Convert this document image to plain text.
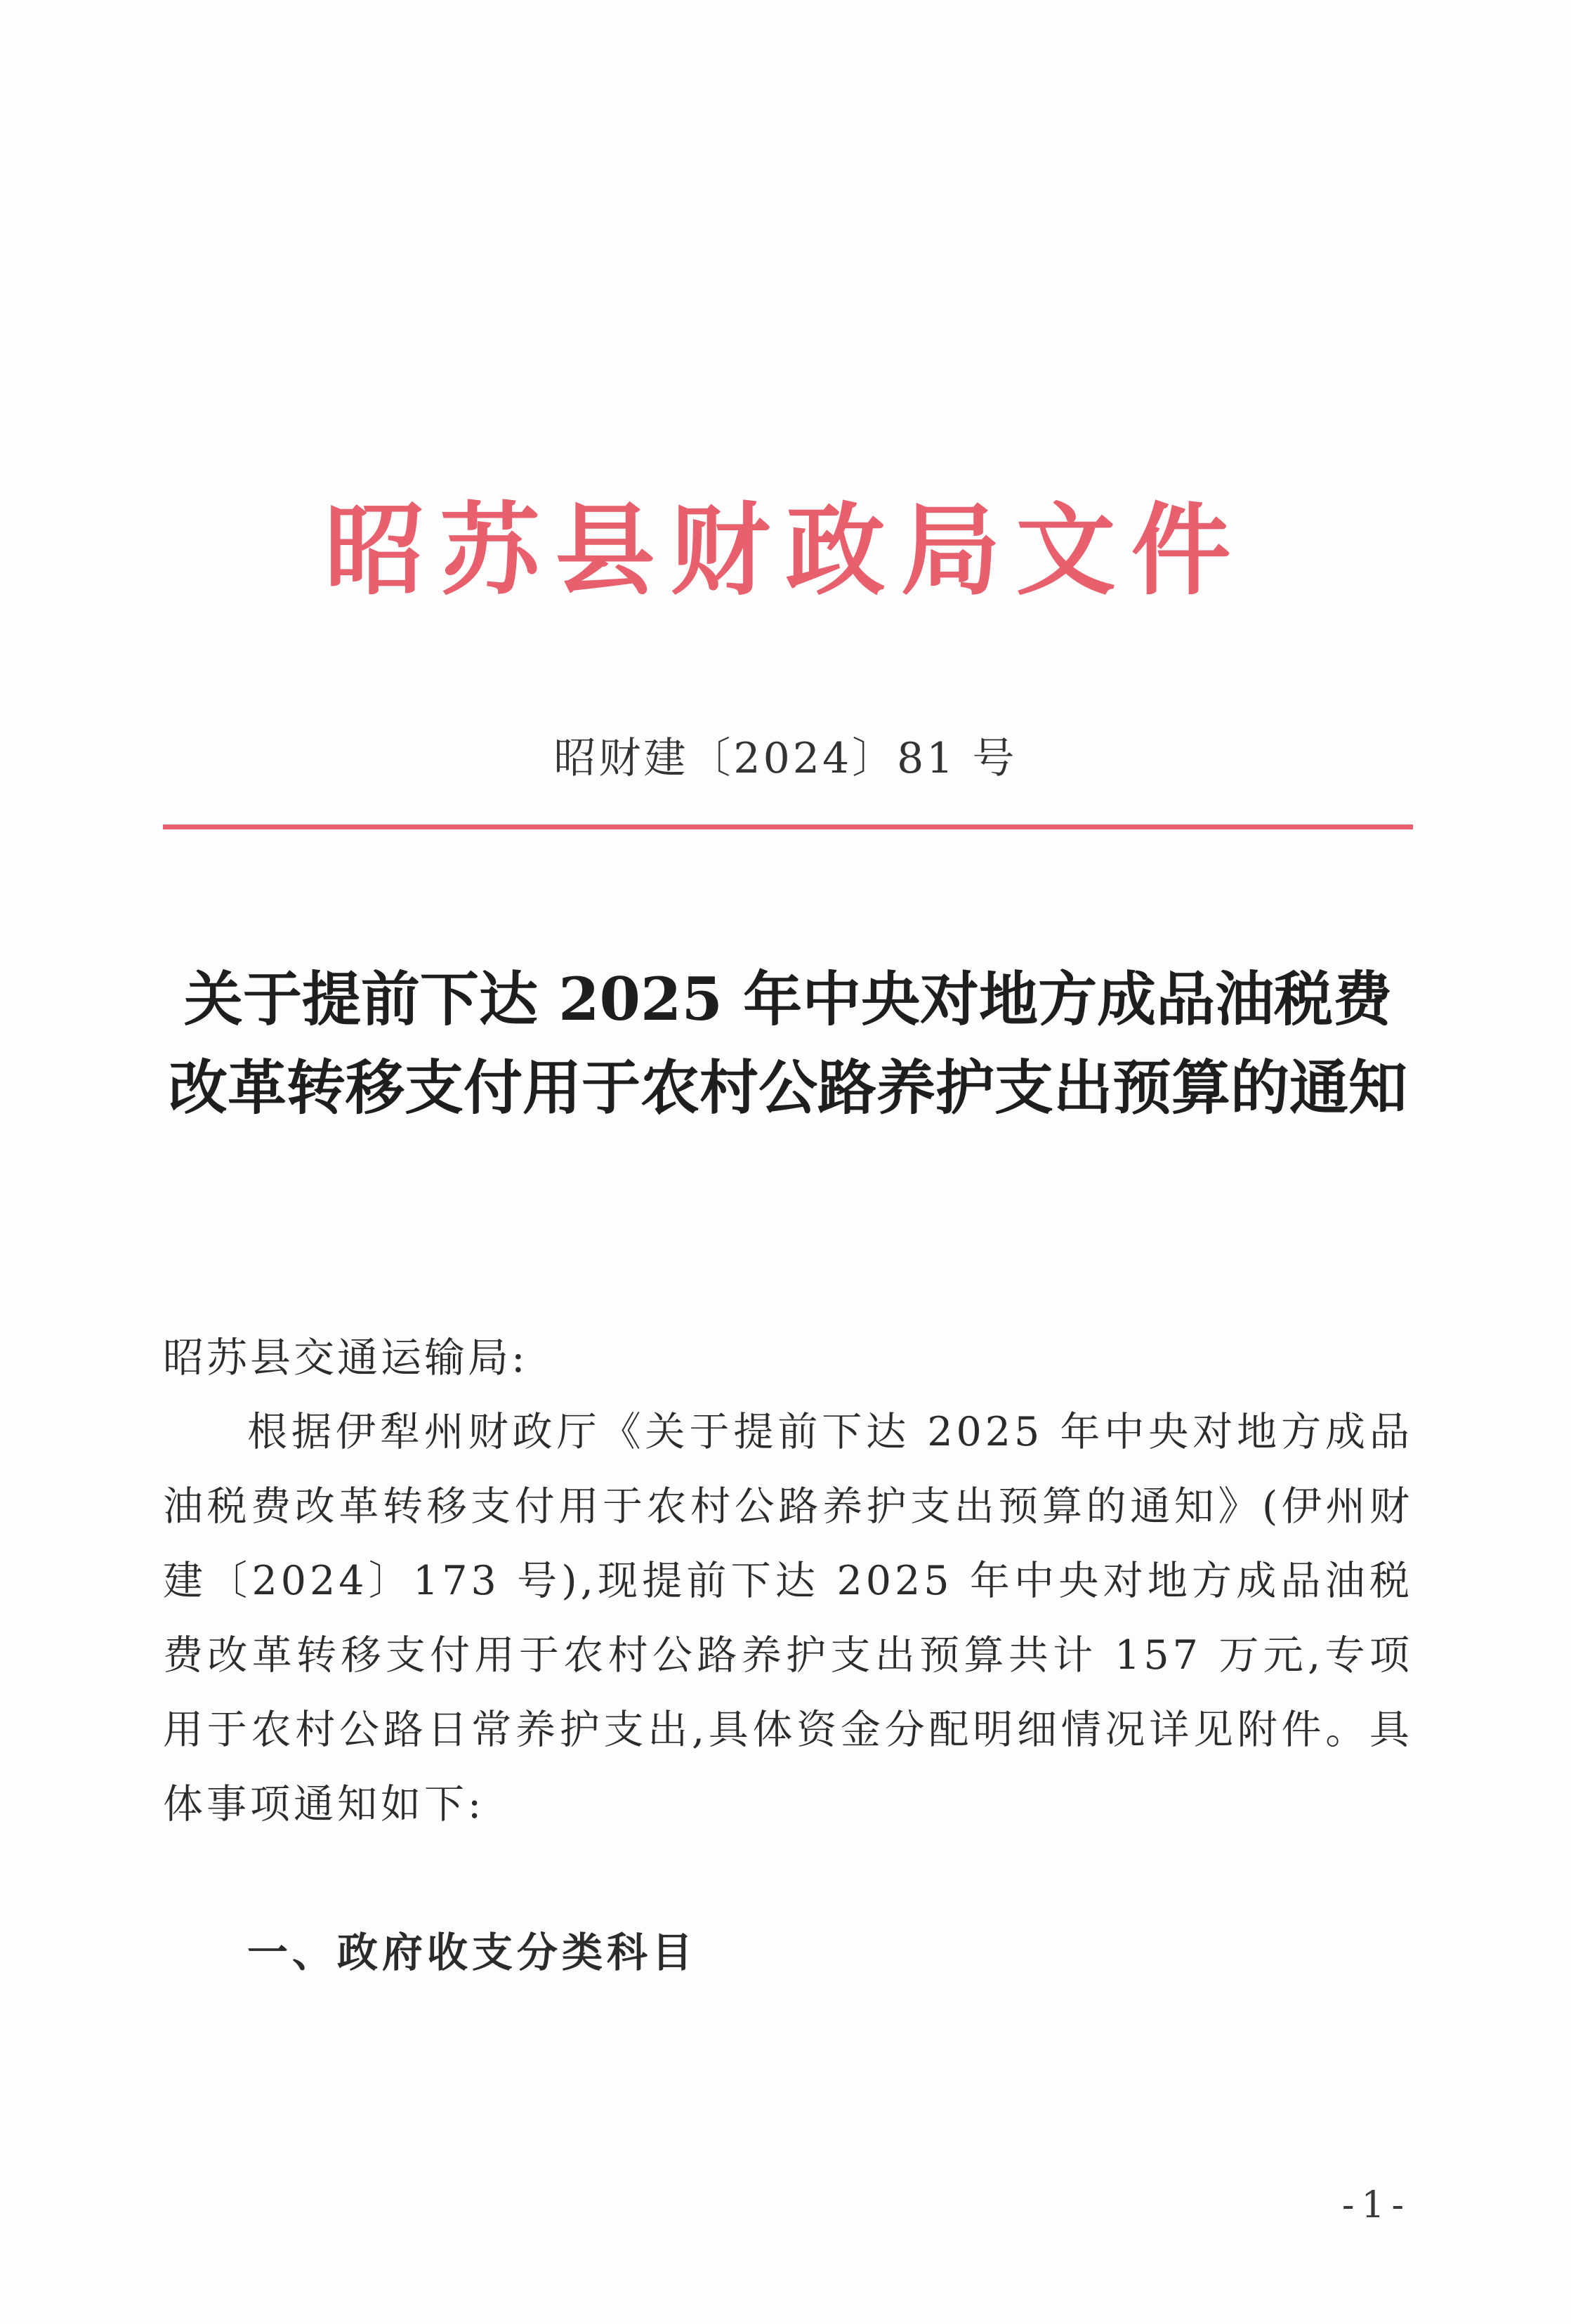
昭苏县财政局文件
昭财建〔2024〕81 号
关于提前下达 2025 年中央对地方成品油税费改革转移支付用于农村公路养护支出预算的通知
昭苏县交通运输局:
根据伊犁州财政厅《关于提前下达 2025 年中央对地方成品油税费改革转移支付用于农村公路养护支出预算的通知》(伊州财建〔2024〕173 号),现提前下达 2025 年中央对地方成品油税费改革转移支付用于农村公路养护支出预算共计 157 万元,专项用于农村公路日常养护支出,具体资金分配明细情况详见附件。具体事项通知如下:
一、政府收支分类科目
-1-
